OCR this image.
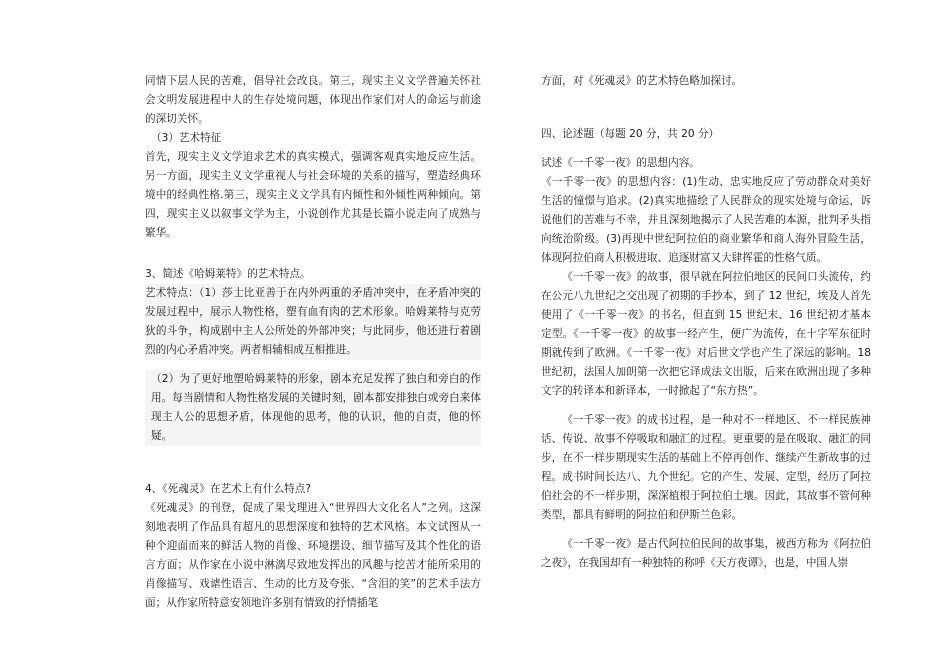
同情下层人民的苦难，倡导社会改良。第三，现实主义文学普遍关怀社会文明发展进程中人的生存处境问题，体现出作家们对人的命运与前途的深切关怀。

（3）艺术特征

首先，现实主义文学追求艺术的真实模式，强调客观真实地反应生活。另一方面，现实主义文学重视人与社会环境的关系的描写，塑造经典环境中的经典性格.第三，现实主义文学具有内倾性和外倾性两种倾向。第四，现实主义以叙事文学为主，小说创作尤其是长篇小说走向了成熟与繁华。

3、简述《哈姆莱特》的艺术特点。

艺术特点：（1）莎士比亚善于在内外两重的矛盾冲突中，在矛盾冲突的发展过程中，展示人物性格，塑有血有肉的艺术形象。哈姆莱特与克劳狄的斗争，构成剧中主人公所处的外部冲突；与此同步，他还进行着剧烈的内心矛盾冲突。两者相辅相成互相推进。

（2）为了更好地塑哈姆莱特的形象，剧本充足发挥了独白和旁白的作用。每当剧情和人物性格发展的关键时刻，剧本都安排独白或旁白来体现主人公的思想矛盾，体现他的思考，他的认识，他的自责，他的怀疑。

4、《死魂灵》在艺术上有什么特点?

《死魂灵》的刊登，促成了果戈理进入“世界四大文化名人”之列。这深刻地表明了作品具有超凡的思想深度和独特的艺术风格。本文试图从一种个迎面而来的鲜活人物的肖像、环境摆设、细节描写及其个性化的语言方面；从作家在小说中淋漓尽致地发挥出的风趣与挖苦才能所采用的肖像描写、戏谑性语言、生动的比方及夸张、“含泪的笑”的艺术手法方面；从作家所特意安领地许多别有情致的抒情插笔

方面，对《死魂灵》的艺术特色略加探讨。

四、论述题（每题 20 分，共 20 分）

试述《一千零一夜》的思想内容。

《一千零一夜》的思想内容：(1)生动、忠实地反应了劳动群众对美好生活的憧憬与追求。(2)真实地描绘了人民群众的现实处境与命运，诉说他们的苦难与不幸，并且深刻地揭示了人民苦难的本源，批判矛头指向统治阶级。(3)再现中世纪阿拉伯的商业繁华和商人海外冒险生活，体现阿拉伯商人积极进取、追逐财富又大肆挥霍的性格气质。

《一千零一夜》的故事，很早就在阿拉伯地区的民间口头流传，约在公元八九世纪之交出现了初期的手抄本，到了 12 世纪，埃及人首先使用了《一千零一夜》的书名，但直到 15 世纪末、16 世纪初才基本定型。《一千零一夜》的故事一经产生，便广为流传，在十字军东征时期就传到了欧洲。《一千零一夜》对后世文学也产生了深远的影响。18 世纪初，法国人加朗第一次把它译成法文出版，后来在欧洲出现了多种文字的转译本和新译本，一时掀起了“东方热”。

《一千零一夜》的成书过程，是一种对不一样地区、不一样民族神话、传说、故事不停吸取和融汇的过程。更重要的是在吸取、融汇的同步，在不一样步期现实生活的基础上不停再创作、继续产生新故事的过程。成书时间长达八、九个世纪。它的产生、发展、定型，经历了阿拉伯社会的不一样步期，深深植根于阿拉伯土壤。因此，其故事不管何种类型，都具有鲜明的阿拉伯和伊斯兰色彩。

《一千零一夜》是古代阿拉伯民间的故事集，被西方称为《阿拉伯之夜》，在我国却有一种独特的称呼《天方夜谭》，也是，中国人崇
